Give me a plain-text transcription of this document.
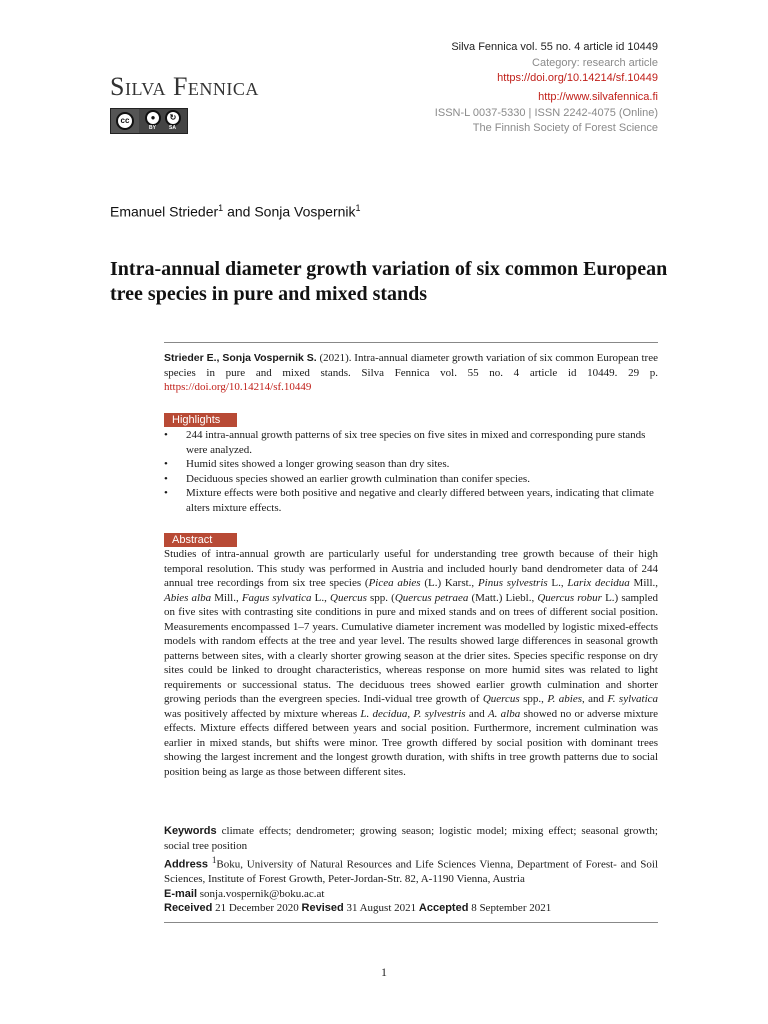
Silva Fennica vol. 55 no. 4 article id 10449
Category: research article
https://doi.org/10.14214/sf.10449
Silva Fennica	http://www.silvafennica.fi
ISSN-L 0037-5330 | ISSN 2242-4075 (Online)
The Finnish Society of Forest Science
cc	●	↻
BY	SA
Emanuel Strieder$^1$ and Sonja Vospernik$^1$
Intra-annual diameter growth variation of six common European tree species in pure and mixed stands
Strieder E., Sonja Vospernik S. (2021). Intra-annual diameter growth variation of six common European tree species in pure and mixed stands. Silva Fennica vol. 55 no. 4 article id 10449. 29 p. https://doi.org/10.14214/sf.10449
Highlights
• 244 intra-annual growth patterns of six tree species on five sites in mixed and corresponding pure stands were analyzed.
• Humid sites showed a longer growing season than dry sites.
• Deciduous species showed an earlier growth culmination than conifer species.
• Mixture effects were both positive and negative and clearly differed between years, indicating that climate alters mixture effects.
Abstract
Studies of intra-annual growth are particularly useful for understanding tree growth because of their high temporal resolution. This study was performed in Austria and included hourly band dendrometer data of 244 annual tree recordings from six tree species (Picea abies (L.) Karst., Pinus sylvestris L., Larix decidua Mill., Abies alba Mill., Fagus sylvatica L., Quercus spp. (Quercus petraea (Matt.) Liebl., Quercus robur L.) sampled on five sites with contrasting site conditions in pure and mixed stands and on trees of different social position. Measurements encompassed 1–7 years. Cumulative diameter increment was modelled by logistic mixed-effects models with random effects at the tree and year level. The results showed large differences in seasonal growth patterns between sites, with a clearly shorter growing season at the drier sites. Species specific response on dry sites could be linked to drought characteristics, whereas response on more humid sites was related to light requirements or successional status. The deciduous trees showed earlier growth culmination and shorter growing periods than the evergreen species. Indi-vidual tree growth of Quercus spp., P. abies, and F. sylvatica was positively affected by mixture whereas L. decidua, P. sylvestris and A. alba showed no or adverse mixture effects. Mixture effects differed between years and social position. Furthermore, increment culmination was earlier in mixed stands, but shifts were minor. Tree growth differed by social position with dominant trees showing the largest increment and the longest growth duration, with shifts in tree growth patterns due to social position being as large as those between different sites.

Keywords climate effects; dendrometer; growing season; logistic model; mixing effect; seasonal growth; social tree position

Address $^1$Boku, University of Natural Resources and Life Sciences Vienna, Department of Forest- and Soil Sciences, Institute of Forest Growth, Peter-Jordan-Str. 82, A-1190 Vienna, Austria

E-mail sonja.vospernik@boku.ac.at

Received 21 December 2020 Revised 31 August 2021 Accepted 8 September 2021

1
